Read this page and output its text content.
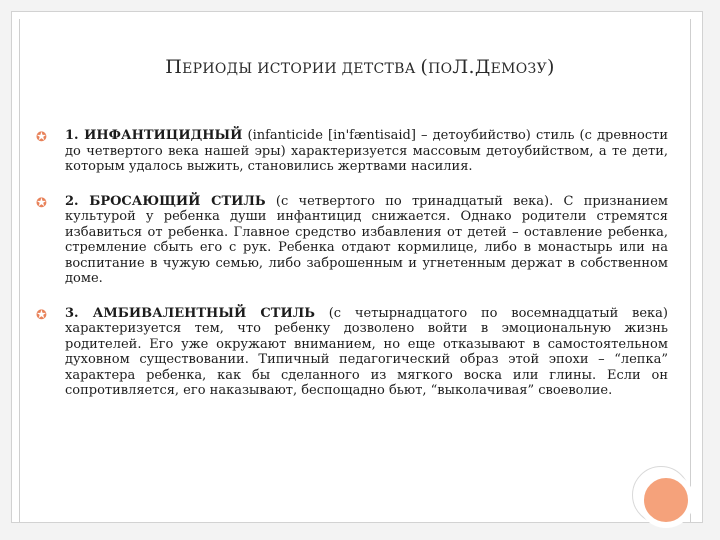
ПЕРИОДЫ ИСТОРИИ ДЕТСТВА (ПОЛ.ДЕМОЗУ)
✪ 1. ИНФАНТИЦИДНЫЙ (infanticide [in'fæntisaid] – детоубийство) стиль (с древности до четвертого века нашей эры) характеризуется массовым детоубийством, а те дети, которым удалось выжить, становились жертвами насилия.
✪ 2. БРОСАЮЩИЙ СТИЛЬ (с четвертого по тринадцатый века). С признанием культурой у ребенка души инфантицид снижается. Однако родители стремятся избавиться от ребенка. Главное средство избавления от детей – оставление ребенка, стремление сбыть его с рук. Ребенка отдают кормилице, либо в монастырь или на воспитание в чужую семью, либо заброшенным и угнетенным держат в собственном доме.
✪ 3. АМБИВАЛЕНТНЫЙ СТИЛЬ (с четырнадцатого по восемнадцатый века) характеризуется тем, что ребенку дозволено войти в эмоциональную жизнь родителей. Его уже окружают вниманием, но еще отказывают в самостоятельном духовном существовании. Типичный педагогический образ этой эпохи – “лепка” характера ребенка, как бы сделанного из мягкого воска или глины. Если он сопротивляется, его наказывают, беспощадно бьют, “выколачивая” своеволие.
